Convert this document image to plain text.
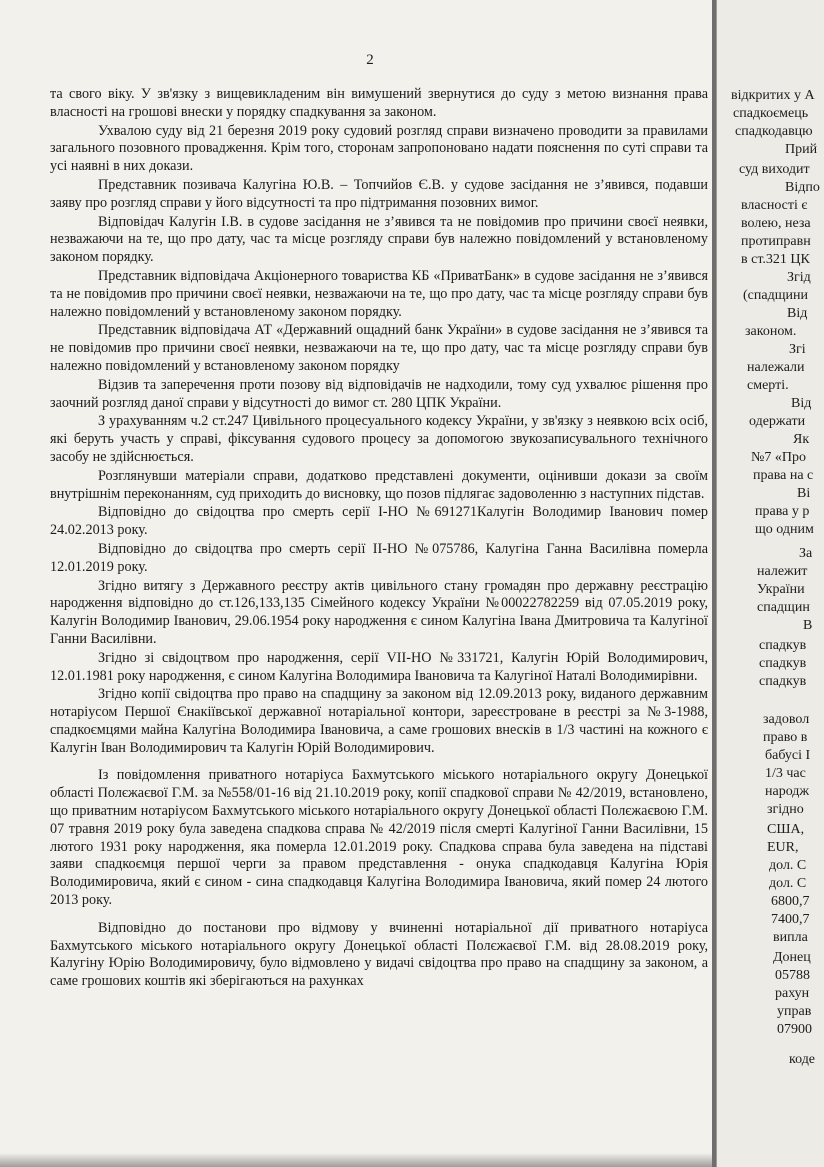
2

та свого віку. У зв'язку з вищевикладеним він вимушений звернутися до суду з метою визнання права власності на грошові внески у порядку спадкування за законом.

Ухвалою суду від 21 березня 2019 року судовий розгляд справи визначено проводити за правилами загального позовного провадження. Крім того, сторонам запропоновано надати пояснення по суті справи та усі наявні в них докази.

Представник позивача Калугіна Ю.В. – Топчийов Є.В. у судове засідання не з’явився, подавши заяву про розгляд справи у його відсутності та про підтримання позовних вимог.

Відповідач Калугін І.В. в судове засідання не з’явився та не повідомив про причини своєї неявки, незважаючи на те, що про дату, час та місце розгляду справи був належно повідомлений у встановленому законом порядку.

Представник відповідача Акціонерного товариства КБ «ПриватБанк» в судове засідання не з’явився та не повідомив про причини своєї неявки, незважаючи на те, що про дату, час та місце розгляду справи був належно повідомлений у встановленому законом порядку.

Представник відповідача АТ «Державний ощадний банк України» в судове засідання не з’явився та не повідомив про причини своєї неявки, незважаючи на те, що про дату, час та місце розгляду справи був належно повідомлений у встановленому законом порядку

Відзив та заперечення проти позову від відповідачів не надходили, тому суд ухвалює рішення про заочний розгляд даної справи у відсутності до вимог ст. 280 ЦПК України.

З урахуванням ч.2 ст.247 Цивільного процесуального кодексу України, у зв'язку з неявкою всіх осіб, які беруть участь у справі, фіксування судового процесу за допомогою звукозаписувального технічного засобу не здійснюється.

Розглянувши матеріали справи, додатково представлені документи, оцінивши докази за своїм внутрішнім переконанням, суд приходить до висновку, що позов підлягає задоволенню з наступних підстав.

Відповідно до свідоцтва про смерть серії І-НО №691271Калугін Володимир Іванович помер 24.02.2013 року.

Відповідно до свідоцтва про смерть серії ІІ-НО №075786, Калугіна Ганна Василівна померла 12.01.2019 року.

Згідно витягу з Державного реєстру актів цивільного стану громадян про державну реєстрацію народження відповідно до ст.126,133,135 Сімейного кодексу України №00022782259 від 07.05.2019 року, Калугін Володимир Іванович, 29.06.1954 року народження є сином Калугіна Івана Дмитровича та Калугіної Ганни Василівни.

Згідно зі свідоцтвом про народження, серії VII-НО №331721, Калугін Юрій Володимирович, 12.01.1981 року народження, є сином Калугіна Володимира Івановича та Калугіної Наталі Володимирівни.

Згідно копії свідоцтва про право на спадщину за законом від 12.09.2013 року, виданого державним нотаріусом Першої Єнакіївської державної нотаріальної контори, зареєстроване в реєстрі за №3-1988, спадкоємцями майна Калугіна Володимира Івановича, а саме грошових внесків в 1/3 частині на кожного є Калугін Іван Володимирович та Калугін Юрій Володимирович.

Із повідомлення приватного нотаріуса Бахмутського міського нотаріального округу Донецької області Полєжаєвої Г.М. за №558/01-16 від 21.10.2019 року, копії спадкової справи № 42/2019, встановлено, що приватним нотаріусом Бахмутського міського нотаріального округу Донецької області Полєжаєвою Г.М. 07 травня 2019 року була заведена спадкова справа № 42/2019 після смерті Калугіної Ганни Василівни, 15 лютого 1931 року народження, яка померла 12.01.2019 року. Спадкова справа була заведена на підставі заяви спадкоємця першої черги за правом представлення - онука спадкодавця Калугіна Юрія Володимировича, який є сином - сина спадкодавця Калугіна Володимира Івановича, який помер 24 лютого 2013 року.

Відповідно до постанови про відмову у вчиненні нотаріальної дії приватного нотаріуса Бахмутського міського нотаріального округу Донецької області Полєжаєвої Г.М. від 28.08.2019 року, Калугіну Юрію Володимировичу, було відмовлено у видачі свідоцтва про право на спадщину за законом, а саме грошових коштів які зберігаються на рахунках

відкритих у А
спадкоємець
спадкодавцю
Прий
суд виходит
Відпо
власності є
волею, неза
протиправн
в ст.321 ЦК
Згід
(спадщини
Від
законом.
Згі
належали
смерті.
Від
одержати
Як
№7 «Про
права на с
Ві
права у р
що одним
За
належит
України
спадщин
В
спадкув
спадкув
спадкув
задовол
право в
бабусі I
1/3 час
народж
згідно
США,
EUR,
дол. С
дол. С
6800,7
7400,7
випла
Донец
05788
рахун
управ
07900
коде
